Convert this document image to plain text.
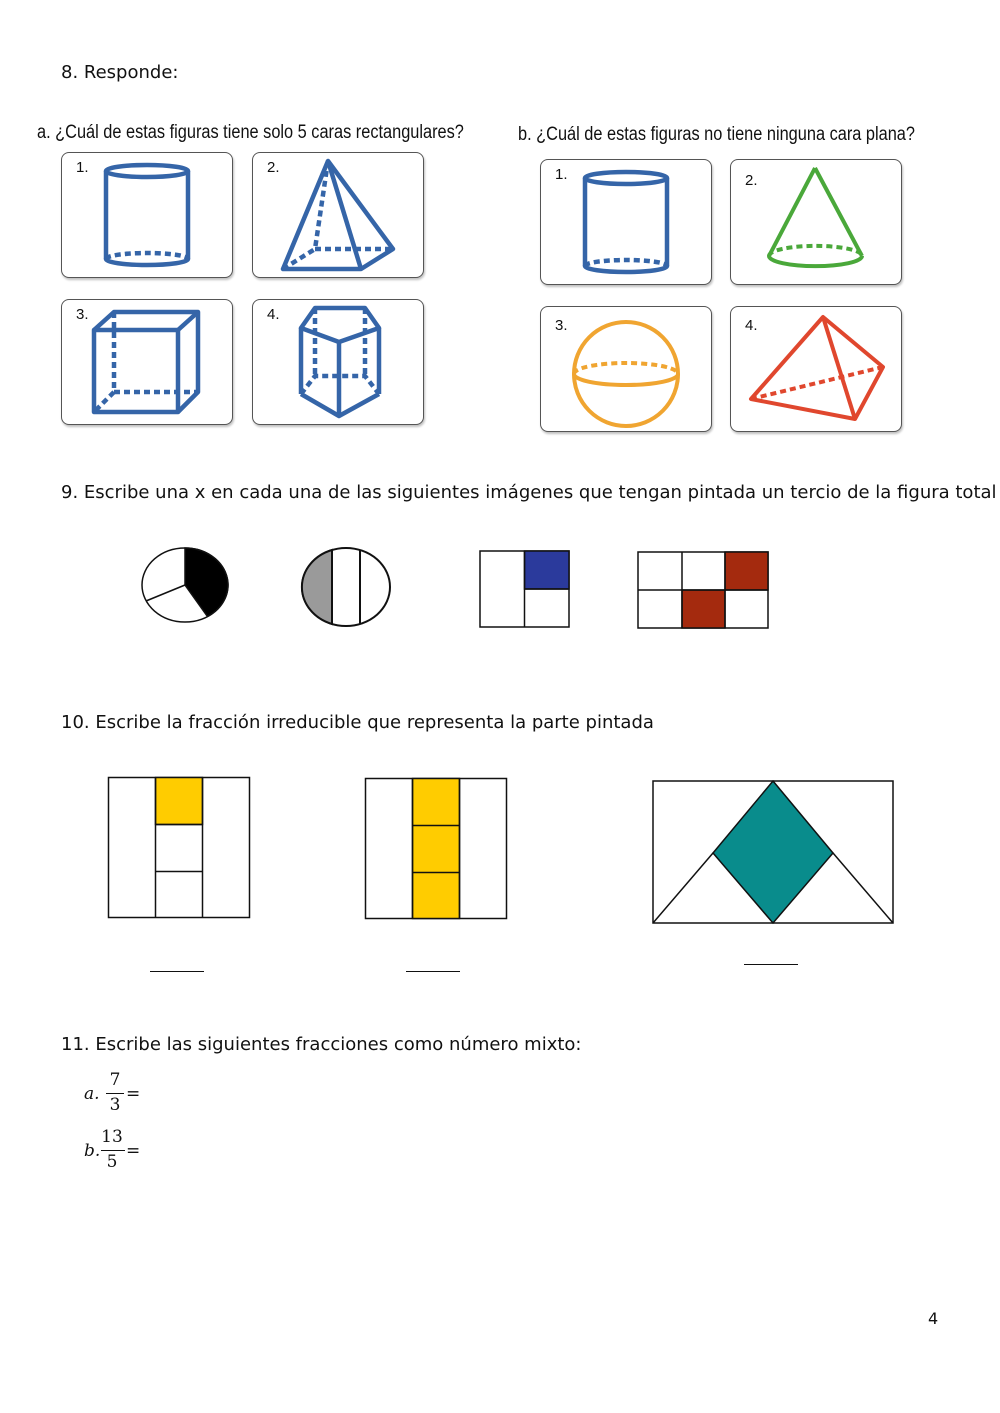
8. Responde:
a. ¿Cuál de estas figuras tiene solo 5 caras rectangulares?	b. ¿Cuál de estas figuras no tiene ninguna cara plana?
1.	2.
3.	4.
1.	2.
3.	4.
9. Escribe una x en cada una de las siguientes imágenes que tengan pintada un tercio de la figura total
10. Escribe la fracción irreducible que representa la parte pintada
11. Escribe las siguientes fracciones como número mixto:
a.
7
3
=
b.
13
5
=
4
